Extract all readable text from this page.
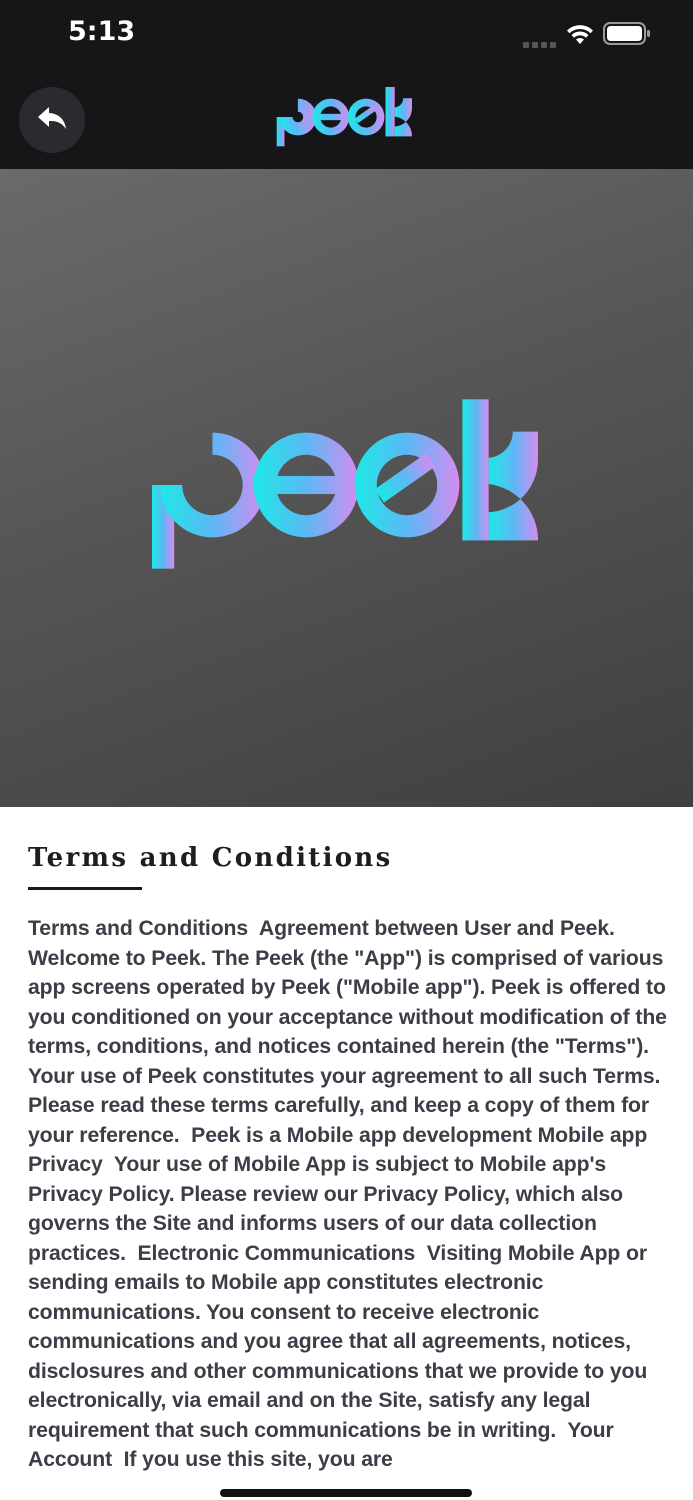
5:13
Terms and Conditions

Terms and Conditions  Agreement between User and Peek. Welcome to Peek. The Peek (the "App") is comprised of various app screens operated by Peek ("Mobile app"). Peek is offered to you conditioned on your acceptance without modification of the terms, conditions, and notices contained herein (the "Terms"). Your use of Peek constitutes your agreement to all such Terms. Please read these terms carefully, and keep a copy of them for your reference.  Peek is a Mobile app development Mobile app Privacy  Your use of Mobile App is subject to Mobile app's Privacy Policy. Please review our Privacy Policy, which also governs the Site and informs users of our data collection practices.  Electronic Communications  Visiting Mobile App or sending emails to Mobile app constitutes electronic communications. You consent to receive electronic communications and you agree that all agreements, notices, disclosures and other communications that we provide to you electronically, via email and on the Site, satisfy any legal requirement that such communications be in writing.  Your Account  If you use this site, you are
